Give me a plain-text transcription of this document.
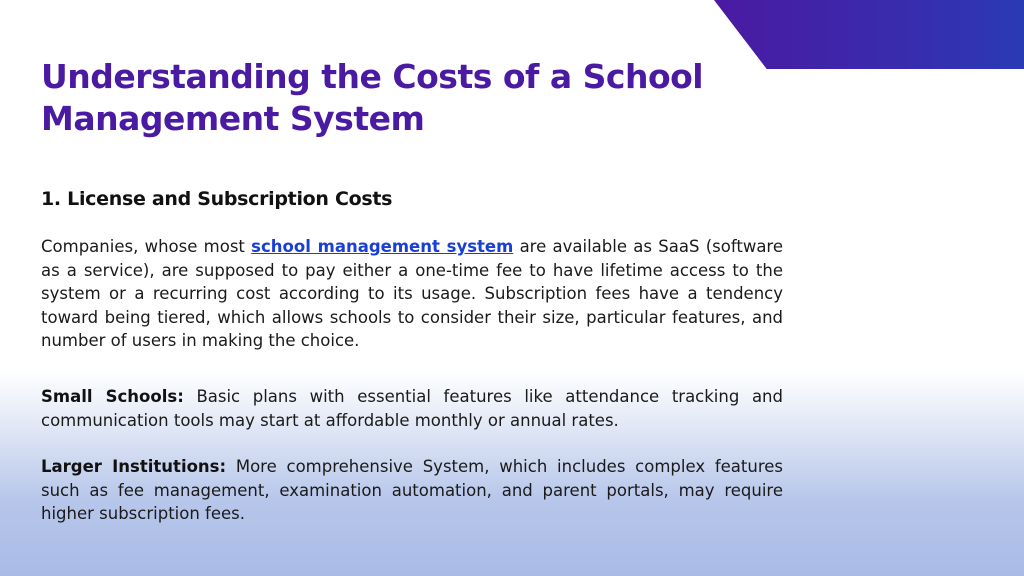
Understanding the Costs of a School Management System
1. License and Subscription Costs

Companies, whose most school management system are available as SaaS (software as a service), are supposed to pay either a one-time fee to have lifetime access to the system or a recurring cost according to its usage. Subscription fees have a tendency toward being tiered, which allows schools to consider their size, particular features, and number of users in making the choice.

Small Schools: Basic plans with essential features like attendance tracking and communication tools may start at affordable monthly or annual rates.

Larger Institutions: More comprehensive System, which includes complex features such as fee management, examination automation, and parent portals, may require higher subscription fees.
